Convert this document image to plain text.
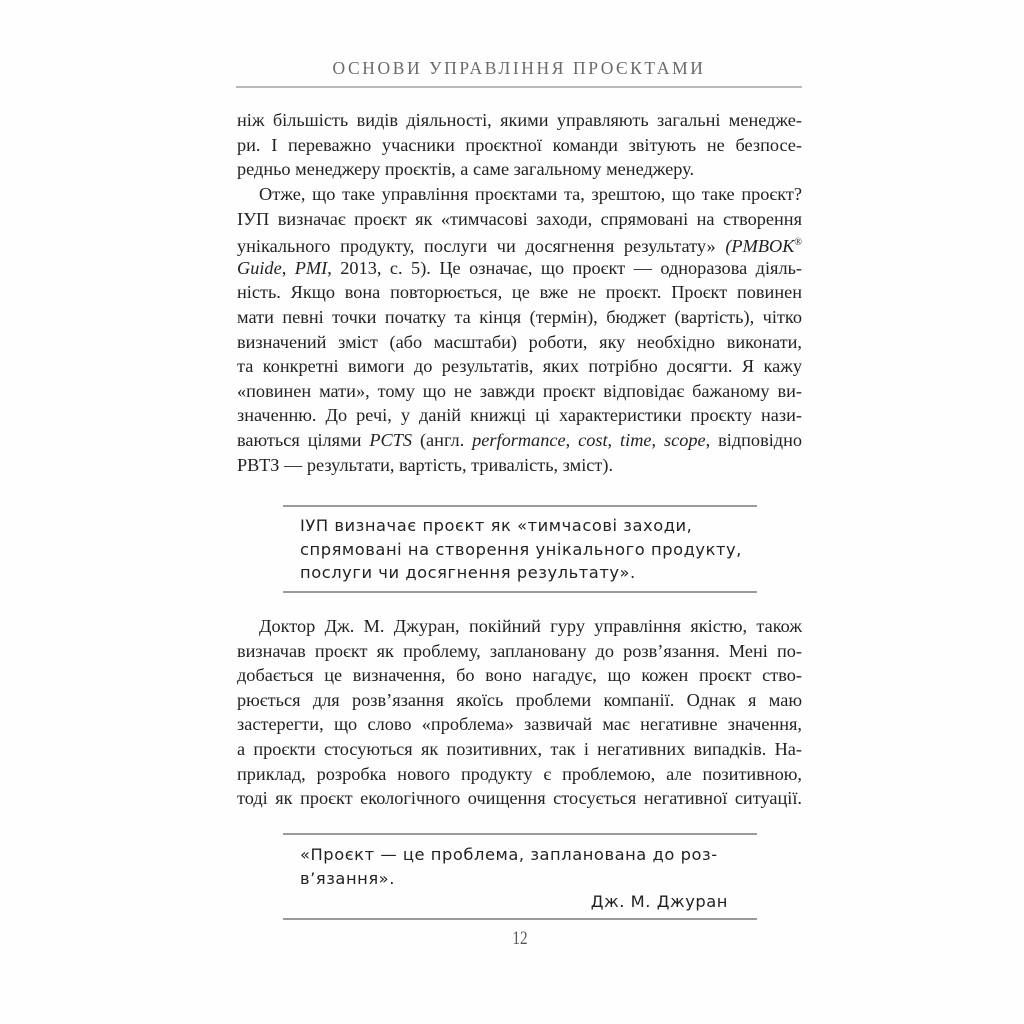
ОСНОВИ УПРАВЛІННЯ ПРОЄКТАМИ
ніж більшість видів діяльності, якими управляють загальні менедже-
ри. І переважно учасники проєктної команди звітують не безпосе-
редньо менеджеру проєктів, а саме загальному менеджеру.
Отже, що таке управління проєктами та, зрештою, що таке проєкт?
ІУП визначає проєкт як «тимчасові заходи, спрямовані на створення
унікального продукту, послуги чи досягнення результату» (PMBOK®
Guide, PMI, 2013, с. 5). Це означає, що проєкт — одноразова діяль-
ність. Якщо вона повторюється, це вже не проєкт. Проєкт повинен
мати певні точки початку та кінця (термін), бюджет (вартість), чітко
визначений зміст (або масштаби) роботи, яку необхідно виконати,
та конкретні вимоги до результатів, яких потрібно досягти. Я кажу
«повинен мати», тому що не завжди проєкт відповідає бажаному ви-
значенню. До речі, у даній книжці ці характеристики проєкту нази-
ваються цілями PCTS (англ. performance, cost, time, scope, відповідно
РВТЗ — результати, вартість, тривалість, зміст).
ІУП визначає проєкт як «тимчасові заходи,
спрямовані на створення унікального продукту,
послуги чи досягнення результату».
Доктор Дж. М. Джуран, покійний гуру управління якістю, також
визначав проєкт як проблему, заплановану до розв’язання. Мені по-
добається це визначення, бо воно нагадує, що кожен проєкт ство-
рюється для розв’язання якоїсь проблеми компанії. Однак я маю
застерегти, що слово «проблема» зазвичай має негативне значення,
а проєкти стосуються як позитивних, так і негативних випадків. На-
приклад, розробка нового продукту є проблемою, але позитивною,
тоді як проєкт екологічного очищення стосується негативної ситуації.
«Проєкт — це проблема, запланована до роз-
в’язання».
Дж. М. Джуран
12
